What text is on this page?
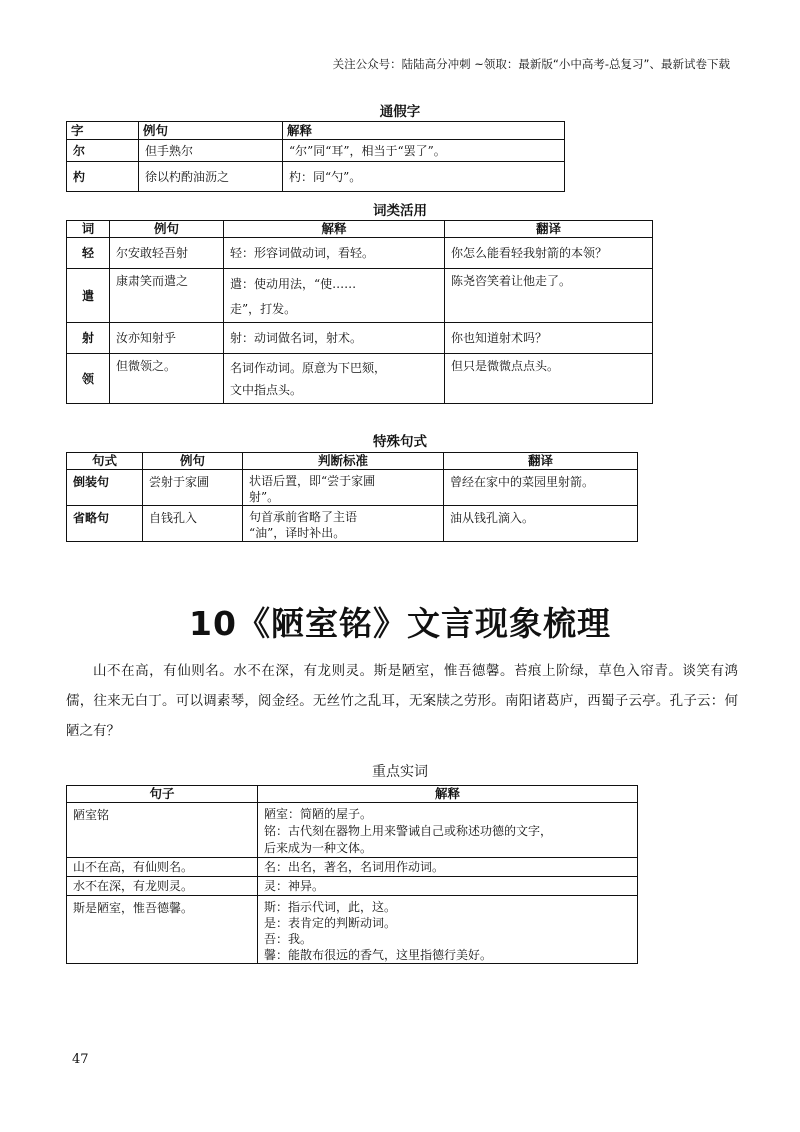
关注公众号：陆陆高分冲刺 ~领取：最新版“小中高考-总复习”、最新试卷下载
通假字
字	例句	解释
尔	但手熟尔	“尔”同“耳”，相当于“罢了”。
杓	徐以杓酌油沥之	杓：同“勺”。
词类活用
词	例句	解释	翻译
轻	尔安敢轻吾射	轻：形容词做动词，看轻。	你怎么能看轻我射箭的本领？
遣	康肃笑而遣之	遣：使动用法，“使……
走”，打发。	陈尧咨笑着让他走了。
射	汝亦知射乎	射：动词做名词，射术。	你也知道射术吗？
领	但微领之。	名词作动词。原意为下巴颏，
文中指点头。	但只是微微点点头。
特殊句式
句式	例句	判断标准	翻译
倒装句	尝射于家圃	状语后置，即“尝于家圃
射”。	曾经在家中的菜园里射箭。
省略句	自钱孔入	句首承前省略了主语
“油”，译时补出。	油从钱孔滴入。
10《陋室铭》文言现象梳理
山不在高，有仙则名。水不在深，有龙则灵。斯是陋室，惟吾德馨。苔痕上阶绿，草色入帘青。谈笑有鸿儒，往来无白丁。可以调素琴，阅金经。无丝竹之乱耳，无案牍之劳形。南阳诸葛庐，西蜀子云亭。孔子云：何陋之有？
重点实词
句子	解释
陋室铭	陋室：简陋的屋子。
铭：古代刻在器物上用来警诫自己或称述功德的文字，
后来成为一种文体。
山不在高，有仙则名。	名：出名，著名，名词用作动词。
水不在深，有龙则灵。	灵：神异。
斯是陋室，惟吾德馨。	斯：指示代词，此，这。
是：表肯定的判断动词。
吾：我。
馨：能散布很远的香气，这里指德行美好。
47
